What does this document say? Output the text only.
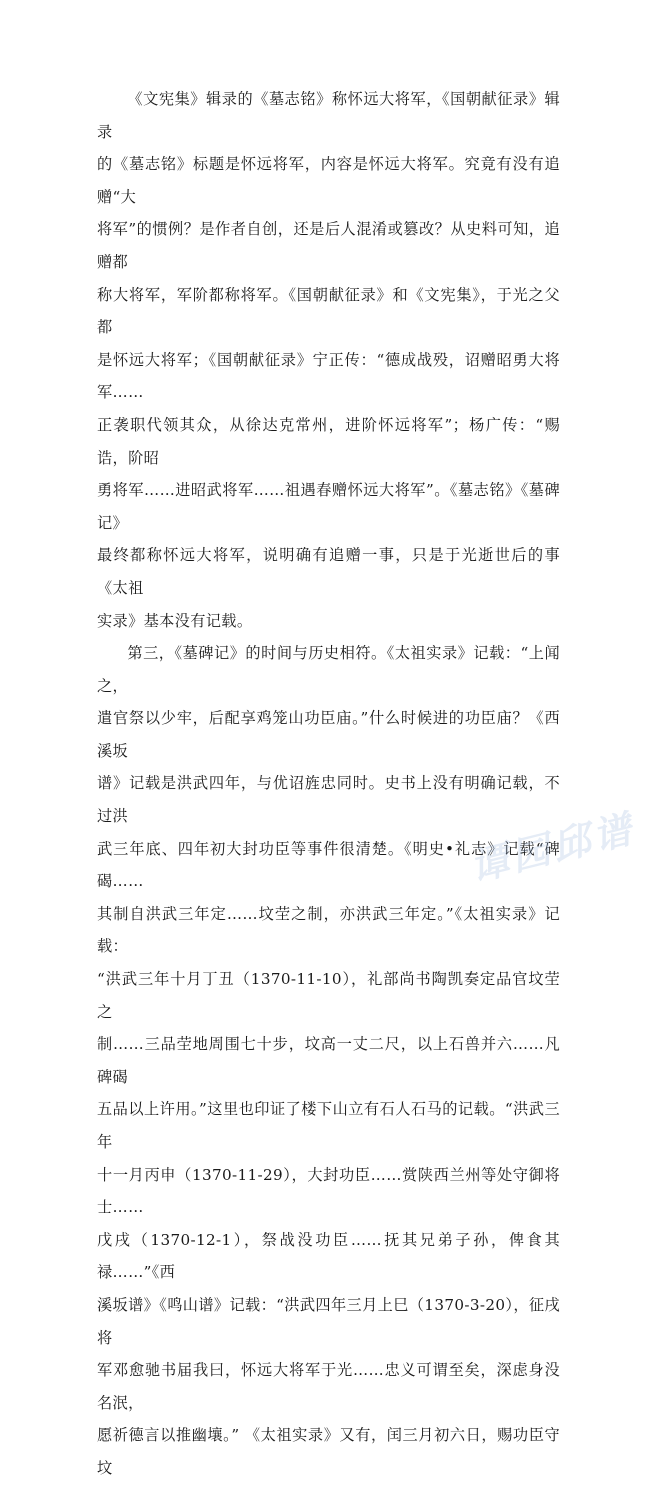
《文宪集》辑录的《墓志铭》称怀远大将军，《国朝献征录》辑录
的《墓志铭》标题是怀远将军，内容是怀远大将军。究竟有没有追赠“大
将军”的惯例？是作者自创，还是后人混淆或篡改？从史料可知，追赠都
称大将军，军阶都称将军。《国朝献征录》和《文宪集》，于光之父都
是怀远大将军；《国朝献征录》宁正传：“德成战殁，诏赠昭勇大将军……
正袭职代领其众，从徐达克常州，进阶怀远将军”；杨广传：“赐诰，阶昭
勇将军……进昭武将军……祖遇春赠怀远大将军”。《墓志铭》《墓碑记》
最终都称怀远大将军，说明确有追赠一事，只是于光逝世后的事《太祖
实录》基本没有记载。

第三，《墓碑记》的时间与历史相符。《太祖实录》记载：“上闻之，
遣官祭以少牢，后配享鸡笼山功臣庙。”什么时候进的功臣庙？《西溪坂
谱》记载是洪武四年，与优诏旌忠同时。史书上没有明确记载，不过洪
武三年底、四年初大封功臣等事件很清楚。《明史•礼志》记载“碑碣……
其制自洪武三年定……坟茔之制，亦洪武三年定。”《太祖实录》记载：
“洪武三年十月丁丑（1370-11-10），礼部尚书陶凯奏定品官坟茔之
制……三品茔地周围七十步，坟高一丈二尺，以上石兽并六……凡碑碣
五品以上许用。”这里也印证了楼下山立有石人石马的记载。“洪武三年
十一月丙申（1370-11-29），大封功臣……赏陕西兰州等处守御将士……
戊戌（1370-12-1），祭战没功臣……抚其兄弟子孙，俾食其禄……”《西
溪坂谱》《鸣山谱》记载：“洪武四年三月上巳（1370-3-20），征戌将
军邓愈驰书届我曰，怀远大将军于光……忠义可谓至矣，深虑身没名泯，
愿祈德言以推幽壤。” 《太祖实录》又有，闰三月初六日，赐功臣守坟

谭园邱谱
